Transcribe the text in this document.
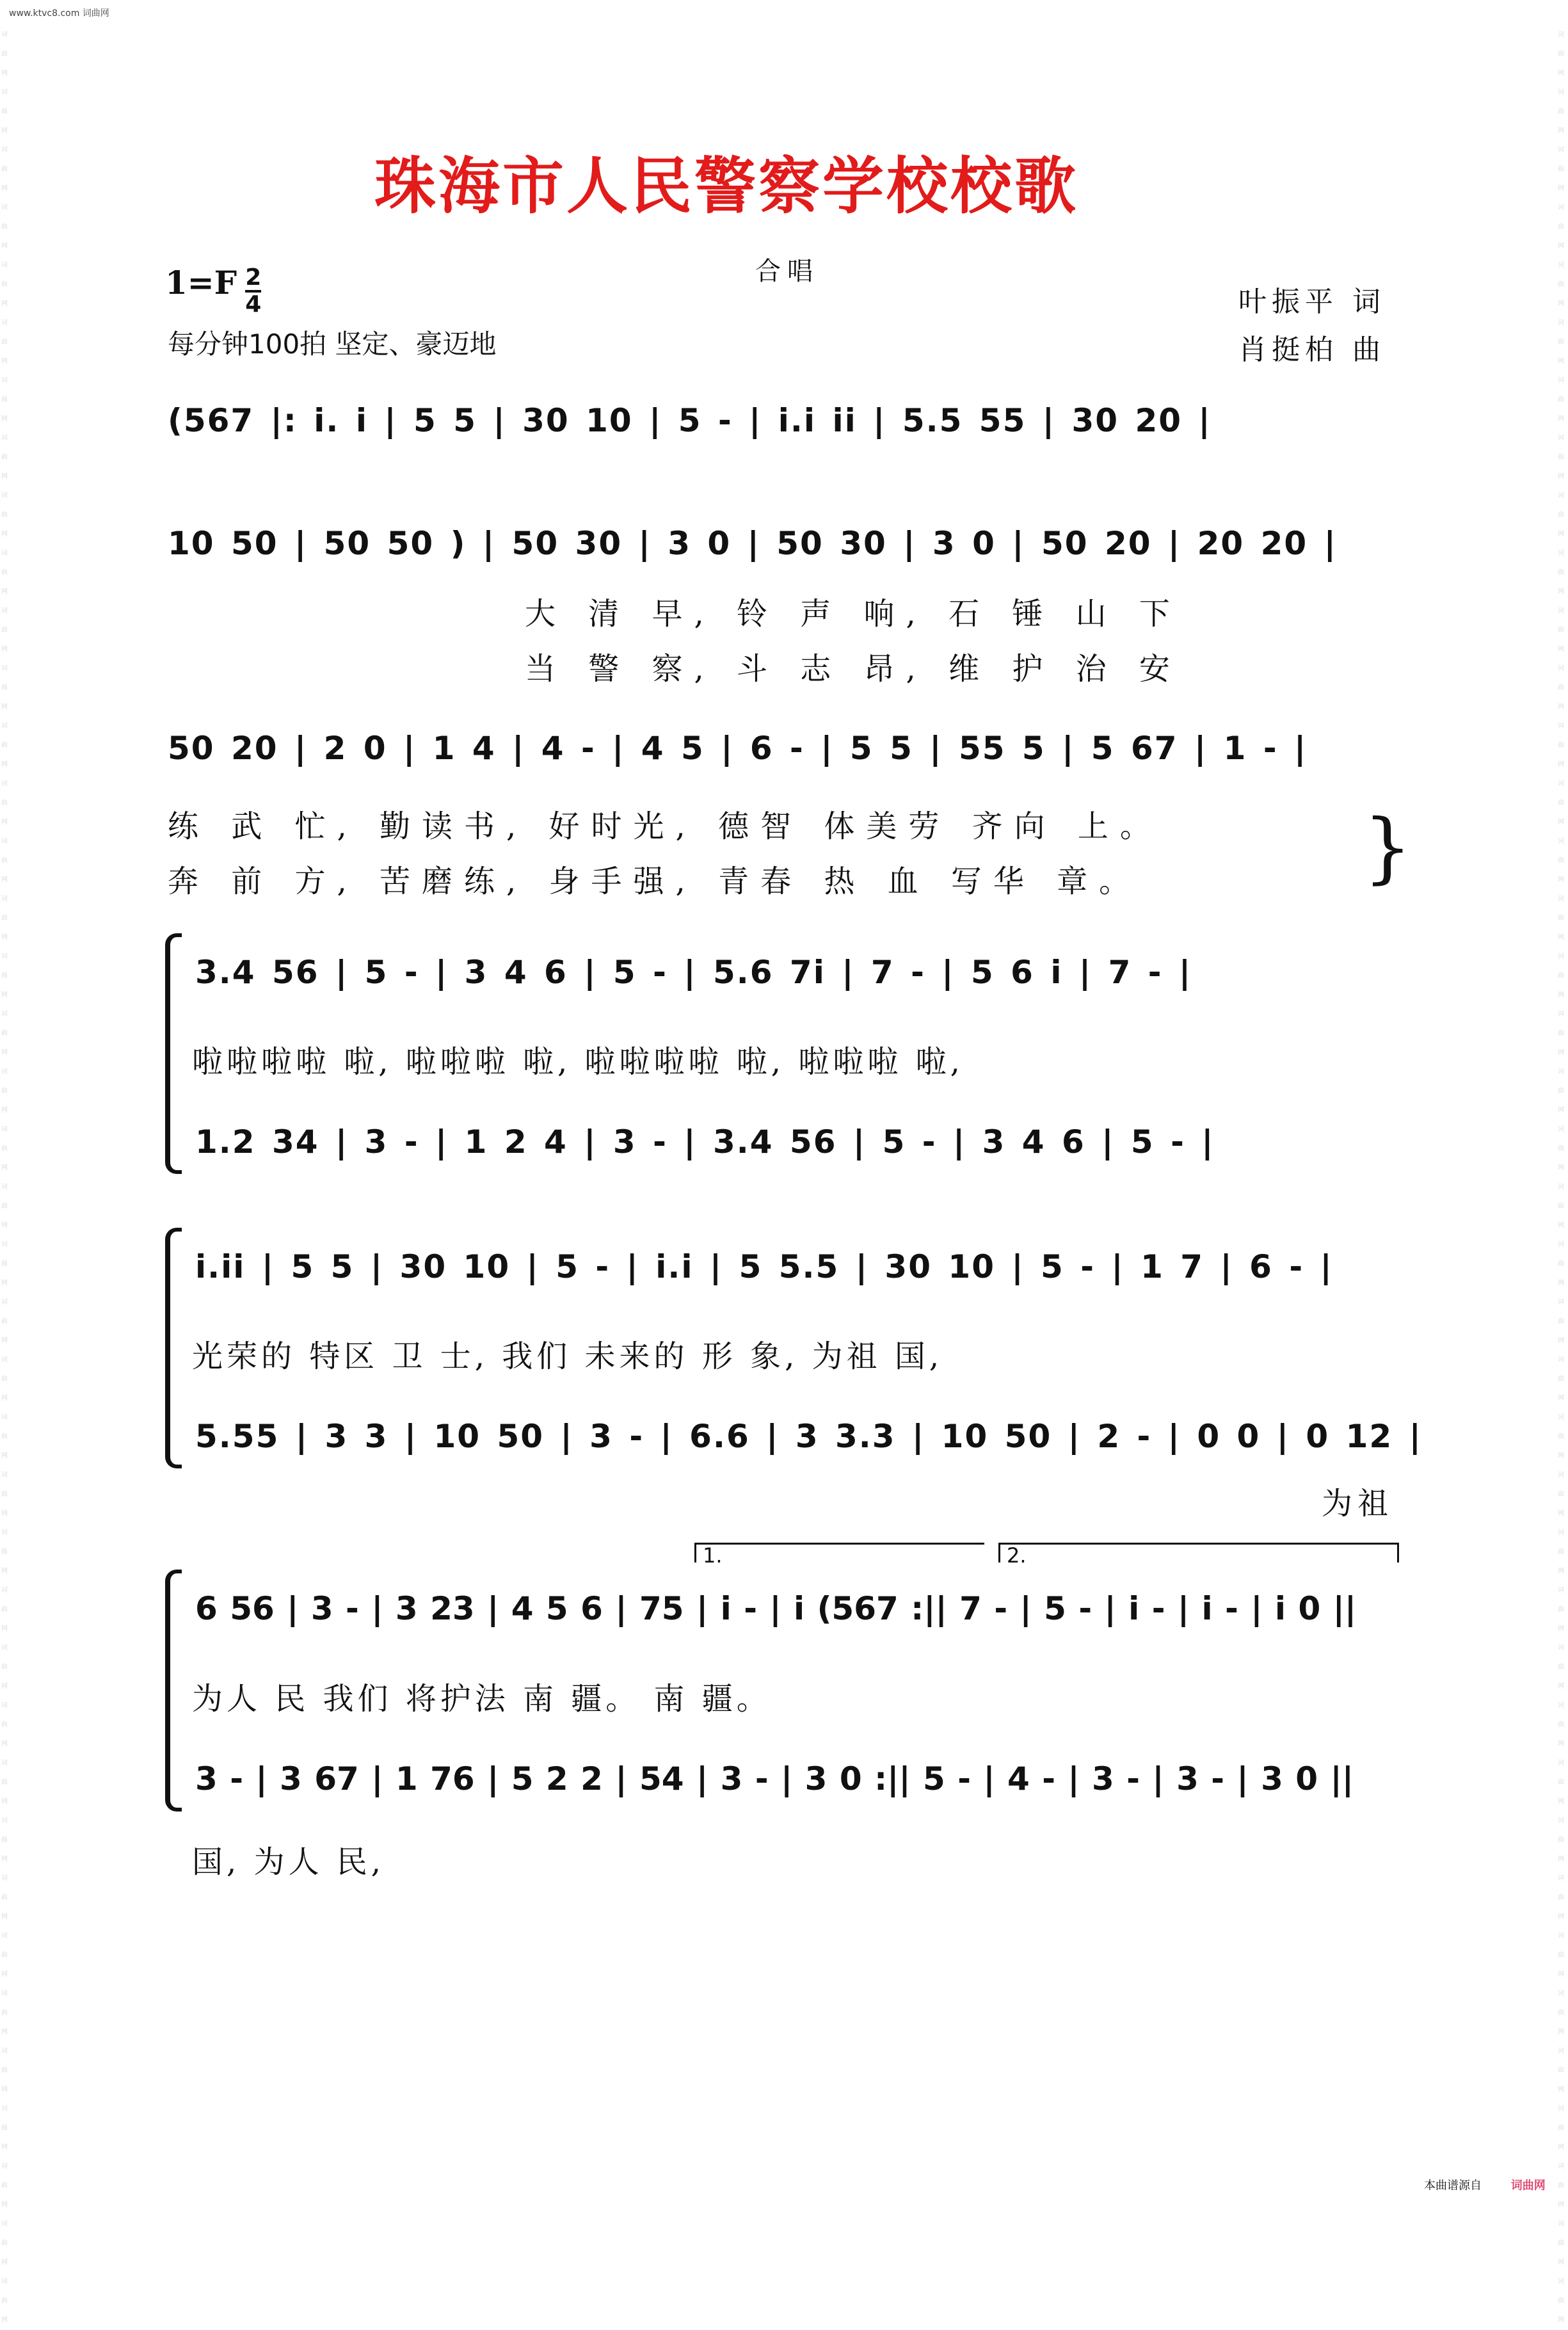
词曲网词曲网词曲网词曲网词曲网词曲网词曲网词曲网词曲网词曲网词曲网词曲网词曲网词曲网词曲网词曲网词曲网词曲网词曲网词曲网词曲网词曲网词曲网词曲网词曲网词曲网词曲网词曲网词曲网词曲网词曲网词曲网词曲网词曲网词曲网词曲网词曲网词曲网词曲网词曲网
词曲网词曲网词曲网词曲网词曲网词曲网词曲网词曲网词曲网词曲网词曲网词曲网词曲网词曲网词曲网词曲网词曲网词曲网词曲网词曲网词曲网词曲网词曲网词曲网词曲网词曲网词曲网词曲网词曲网词曲网词曲网词曲网词曲网词曲网词曲网词曲网词曲网词曲网词曲网词曲网
www.ktvc8.com 词曲网
珠海市人民警察学校校歌
合唱
$1=F \frac{2}{4}$
每分钟100拍 坚定、豪迈地
叶振平 词
肖挺柏 曲
(567 |: i. i | 5 5 | 30 10 | 5 - | i.i ii | 5.5 55 | 30 20 |
10 50 | 50 50 ) | 50 30 | 3 0 | 50 30 | 3 0 | 50 20 | 20 20 |
大 清 早, 铃 声 响, 石 锤 山 下
当 警 察, 斗 志 昂, 维 护 治 安
50 20 | 2 0 | 1 4 | 4 - | 4 5 | 6 - | 5 5 | 55 5 | 5 67 | 1 - |
练 武 忙, 勤读书, 好时光, 德智 体美劳 齐向 上。
奔 前 方, 苦磨练, 身手强, 青春 热 血 写华 章。	}
3.4 56 | 5 - | 3 4 6 | 5 - | 5.6 7i | 7 - | 5 6 i | 7 - |
啦啦啦啦 啦, 啦啦啦 啦, 啦啦啦啦 啦, 啦啦啦 啦,
1.2 34 | 3 - | 1 2 4 | 3 - | 3.4 56 | 5 - | 3 4 6 | 5 - |
i.ii | 5 5 | 30 10 | 5 - | i.i | 5 5.5 | 30 10 | 5 - | 1 7 | 6 - |
光荣的 特区 卫 士, 我们 未来的 形 象, 为祖 国,
5.55 | 3 3 | 10 50 | 3 - | 6.6 | 3 3.3 | 10 50 | 2 - | 0 0 | 0 12 |
为祖
1.	2.
6 56 | 3 - | 3 23 | 4 5 6 | 75 | i - | i (567 :|| 7 - | 5 - | i - | i - | i 0 ||
为人 民 我们 将护法 南 疆。 南 疆。
3 - | 3 67 | 1 76 | 5 2 2 | 54 | 3 - | 3 0 :|| 5 - | 4 - | 3 - | 3 - | 3 0 ||
国, 为人 民,
本曲谱源自	词曲网
